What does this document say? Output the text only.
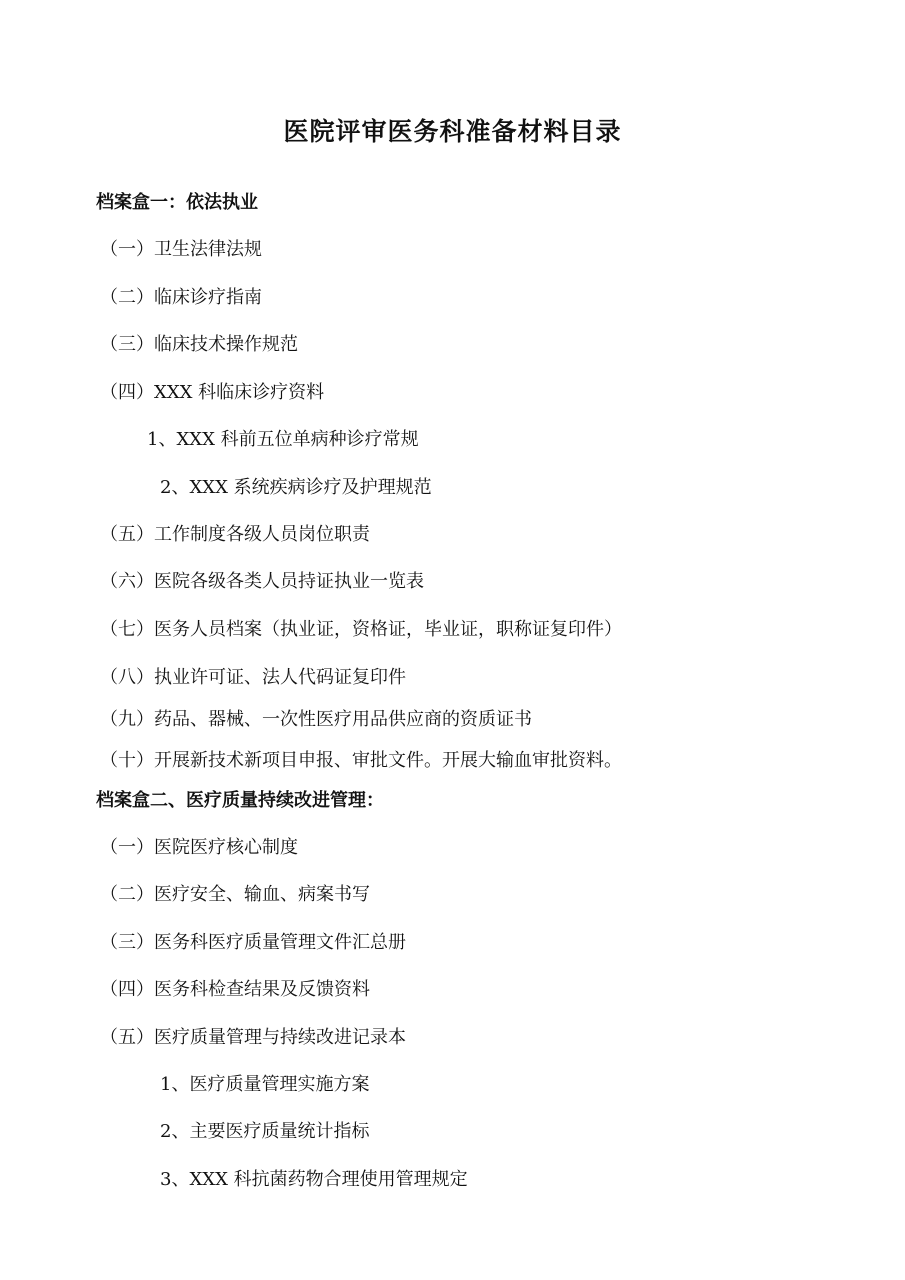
医院评审医务科准备材料目录
档案盒一：依法执业
（一）卫生法律法规
（二）临床诊疗指南
（三）临床技术操作规范
（四）XXX 科临床诊疗资料
1、XXX 科前五位单病种诊疗常规
2、XXX 系统疾病诊疗及护理规范
（五）工作制度各级人员岗位职责
（六）医院各级各类人员持证执业一览表
（七）医务人员档案（执业证，资格证，毕业证，职称证复印件）
（八）执业许可证、法人代码证复印件
（九）药品、器械、一次性医疗用品供应商的资质证书
（十）开展新技术新项目申报、审批文件。开展大输血审批资料。
档案盒二、医疗质量持续改进管理：
（一）医院医疗核心制度
（二）医疗安全、输血、病案书写
（三）医务科医疗质量管理文件汇总册
（四）医务科检查结果及反馈资料
（五）医疗质量管理与持续改进记录本
1、医疗质量管理实施方案
2、主要医疗质量统计指标
3、XXX 科抗菌药物合理使用管理规定
